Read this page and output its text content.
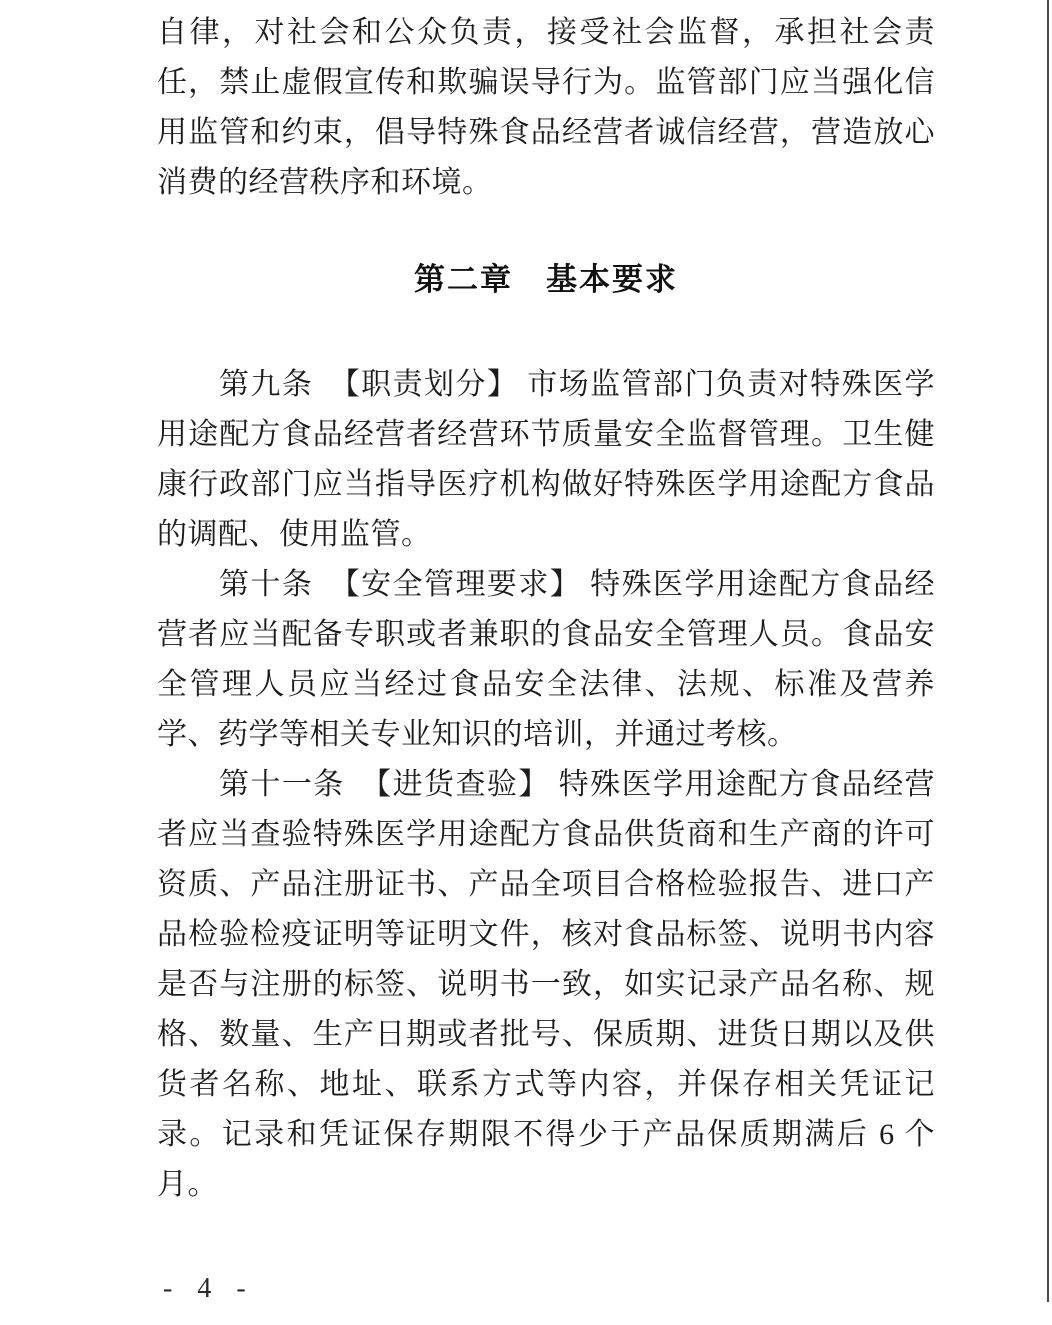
自律，对社会和公众负责，接受社会监督，承担社会责任，禁止虚假宣传和欺骗误导行为。监管部门应当强化信用监管和约束，倡导特殊食品经营者诚信经营，营造放心消费的经营秩序和环境。

第二章　基本要求

第九条　【职责划分】 市场监管部门负责对特殊医学用途配方食品经营者经营环节质量安全监督管理。卫生健康行政部门应当指导医疗机构做好特殊医学用途配方食品的调配、使用监管。

第十条　【安全管理要求】 特殊医学用途配方食品经营者应当配备专职或者兼职的食品安全管理人员。食品安全管理人员应当经过食品安全法律、法规、标准及营养学、药学等相关专业知识的培训，并通过考核。

第十一条　【进货查验】 特殊医学用途配方食品经营者应当查验特殊医学用途配方食品供货商和生产商的许可资质、产品注册证书、产品全项目合格检验报告、进口产品检验检疫证明等证明文件，核对食品标签、说明书内容是否与注册的标签、说明书一致，如实记录产品名称、规格、数量、生产日期或者批号、保质期、进货日期以及供货者名称、地址、联系方式等内容，并保存相关凭证记录。记录和凭证保存期限不得少于产品保质期满后 6 个月。

- 4 -
